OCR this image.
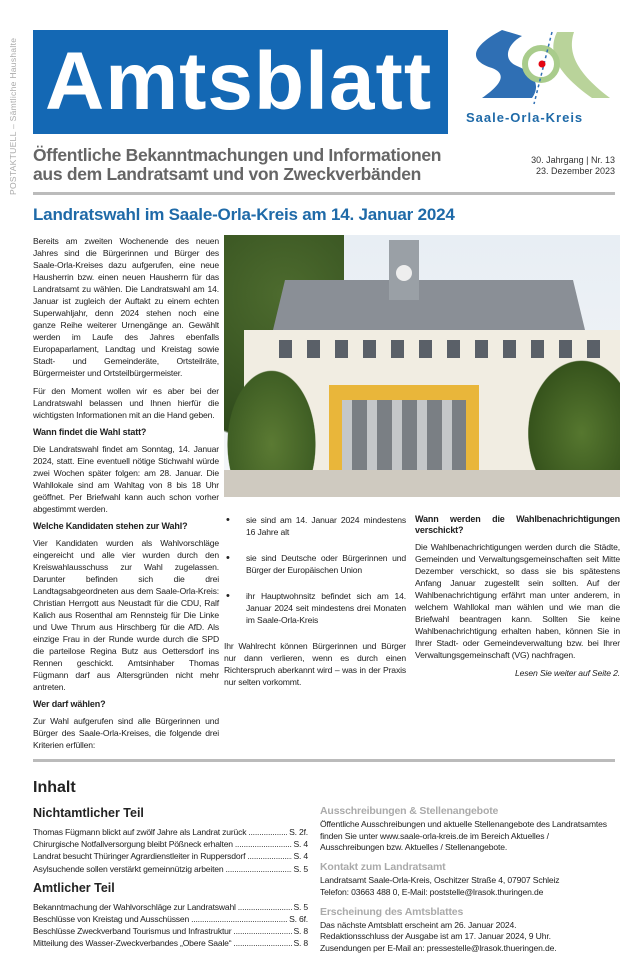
POSTAKTUELL – Sämtliche Haushalte Amtsblatt	Saale-Orla-Kreis
Öffentliche Bekanntmachungen und Informationen
aus dem Landratsamt und von Zweckverbänden
30. Jahrgang | Nr. 13
23. Dezember 2023
Landratswahl im Saale-Orla-Kreis am 14. Januar 2024

Bereits am zweiten Wochenende des neuen Jahres sind die Bürgerinnen und Bürger des Saale-Orla-Kreises dazu aufgerufen, eine neue Hausherrin bzw. einen neuen Hausherrn für das Landratsamt zu wählen. Die Landratswahl am 14. Januar ist zugleich der Auftakt zu einem echten Superwahljahr, denn 2024 stehen noch eine ganze Reihe weiterer Urnengänge an. Gewählt werden im Laufe des Jahres ebenfalls Europaparlament, Landtag und Kreistag sowie Stadt- und Gemeinderäte, Ortsteilräte, Bürgermeister und Ortsteilbürgermeister.

Für den Moment wollen wir es aber bei der Landratswahl belassen und Ihnen hierfür die wichtigsten Informationen mit an die Hand geben.

Wann findet die Wahl statt?

Die Landratswahl findet am Sonntag, 14. Januar 2024, statt. Eine eventuell nötige Stichwahl würde zwei Wochen später folgen: am 28. Januar. Die Wahllokale sind am Wahltag von 8 bis 18 Uhr geöffnet. Per Briefwahl kann auch schon vorher abgestimmt werden.

Welche Kandidaten stehen zur Wahl?

Vier Kandidaten wurden als Wahlvorschläge eingereicht und alle vier wurden durch den Kreiswahlausschuss zur Wahl zugelassen. Darunter befinden sich die drei Landtagsabgeordneten aus dem Saale-Orla-Kreis: Christian Herrgott aus Neustadt für die CDU, Ralf Kalich aus Rosenthal am Rennsteig für Die Linke und Uwe Thrum aus Hirschberg für die AfD. Als einzige Frau in der Runde wurde durch die SPD die parteilose Regina Butz aus Oettersdorf ins Rennen geschickt. Amtsinhaber Thomas Fügmann darf aus Altersgründen nicht mehr antreten.

Wer darf wählen?

Zur Wahl aufgerufen sind alle Bürgerinnen und Bürger des Saale-Orla-Kreises, die folgende drei Kriterien erfüllen:

• sie sind am 14. Januar 2024 mindestens 16 Jahre alt
• sie sind Deutsche oder Bürgerinnen und Bürger der Europäischen Union
• ihr Hauptwohnsitz befindet sich am 14. Januar 2024 seit mindestens drei Monaten im Saale-Orla-Kreis

Ihr Wahlrecht können Bürgerinnen und Bürger nur dann verlieren, wenn es durch einen Richterspruch aberkannt wird – was in der Praxis nur selten vorkommt.

Wann werden die Wahlbenachrichtigungen verschickt?

Die Wahlbenachrichtigungen werden durch die Städte, Gemeinden und Verwaltungsgemeinschaften seit Mitte Dezember verschickt, so dass sie bis spätestens Anfang Januar zugestellt sein sollten. Auf der Wahlbenachrichtigung erfährt man unter anderem, in welchem Wahllokal man wählen und wie man die Briefwahl beantragen kann. Sollten Sie keine Wahlbenachrichtigung erhalten haben, können Sie in Ihrer Stadt- oder Gemeindeverwaltung bzw. bei Ihrer Verwaltungsgemeinschaft (VG) nachfragen.

Lesen Sie weiter auf Seite 2.

Inhalt
Nichtamtlicher Teil
Thomas Fügmann blickt auf zwölf Jahre als Landrat zurück .....	S. 2f.
Chirurgische Notfallversorgung bleibt Pößneck erhalten .....	S. 4
Landrat besucht Thüringer Agrardienstleiter in Ruppersdorf .....	S. 4
Asylsuchende sollen verstärkt gemeinnützig arbeiten .....	S. 5
Amtlicher Teil
Bekanntmachung der Wahlvorschläge zur Landratswahl .....	S. 5
Beschlüsse von Kreistag und Ausschüssen .....	S. 6f.
Beschlüsse Zweckverband Tourismus und Infrastruktur .....	S. 8
Mitteilung des Wasser-Zweckverbandes „Obere Saale“ .....	S. 8
Ausschreibungen & Stellenangebote
Öffentliche Ausschreibungen und aktuelle Stellenangebote des Landratsamtes finden Sie unter www.saale-orla-kreis.de im Bereich Aktuelles / Ausschreibungen bzw. Aktuelles / Stellenangebote.
Kontakt zum Landratsamt
Landratsamt Saale-Orla-Kreis, Oschitzer Straße 4, 07907 Schleiz
Telefon: 03663 488 0, E-Mail: poststelle@lrasok.thuringen.de
Erscheinung des Amtsblattes
Das nächste Amtsblatt erscheint am 26. Januar 2024.
Redaktionsschluss der Ausgabe ist am 17. Januar 2024, 9 Uhr.
Zusendungen per E-Mail an: pressestelle@lrasok.thueringen.de.
